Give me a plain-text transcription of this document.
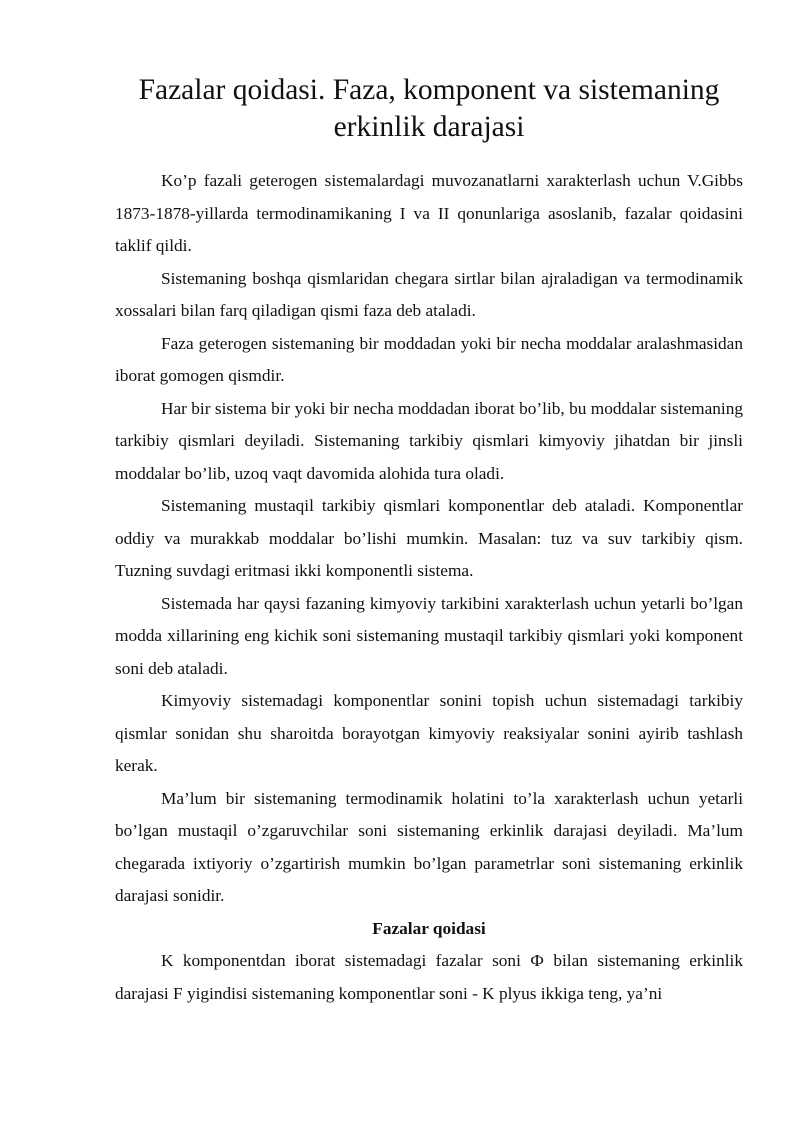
Fazalar qoidasi. Faza, komponent va sistemaning erkinlik darajasi

Ko’p fazali geterogen sistemalardagi muvozanatlarni xarakterlash uchun V.Gibbs 1873-1878-yillarda termodinamikaning I va II qonunlariga asoslanib, fazalar qoidasini taklif qildi.

Sistemaning boshqa qismlaridan chegara sirtlar bilan ajraladigan va termodinamik xossalari bilan farq qiladigan qismi faza deb ataladi.

Faza geterogen sistemaning bir moddadan yoki bir necha moddalar aralashmasidan iborat gomogen qismdir.

Har bir sistema bir yoki bir necha moddadan iborat bo’lib, bu moddalar sistemaning tarkibiy qismlari deyiladi. Sistemaning tarkibiy qismlari kimyoviy jihatdan bir jinsli moddalar bo’lib, uzoq vaqt davomida alohida tura oladi.

Sistemaning mustaqil tarkibiy qismlari komponentlar deb ataladi. Komponentlar oddiy va murakkab moddalar bo’lishi mumkin. Masalan: tuz va suv tarkibiy qism. Tuzning suvdagi eritmasi ikki komponentli sistema.

Sistemada har qaysi fazaning kimyoviy tarkibini xarakterlash uchun yetarli bo’lgan modda xillarining eng kichik soni sistemaning mustaqil tarkibiy qismlari yoki komponent soni deb ataladi.

Kimyoviy sistemadagi komponentlar sonini topish uchun sistemadagi tarkibiy qismlar sonidan shu sharoitda borayotgan kimyoviy reaksiyalar sonini ayirib tashlash kerak.

Ma’lum bir sistemaning termodinamik holatini to’la xarakterlash uchun yetarli bo’lgan mustaqil o’zgaruvchilar soni sistemaning erkinlik darajasi deyiladi. Ma’lum chegarada ixtiyoriy o’zgartirish mumkin bo’lgan parametrlar soni sistemaning erkinlik darajasi sonidir.

Fazalar qoidasi

K komponentdan iborat sistemadagi fazalar soni Ф bilan sistemaning erkinlik darajasi F yigindisi sistemaning komponentlar soni - K plyus ikkiga teng, ya’ni
